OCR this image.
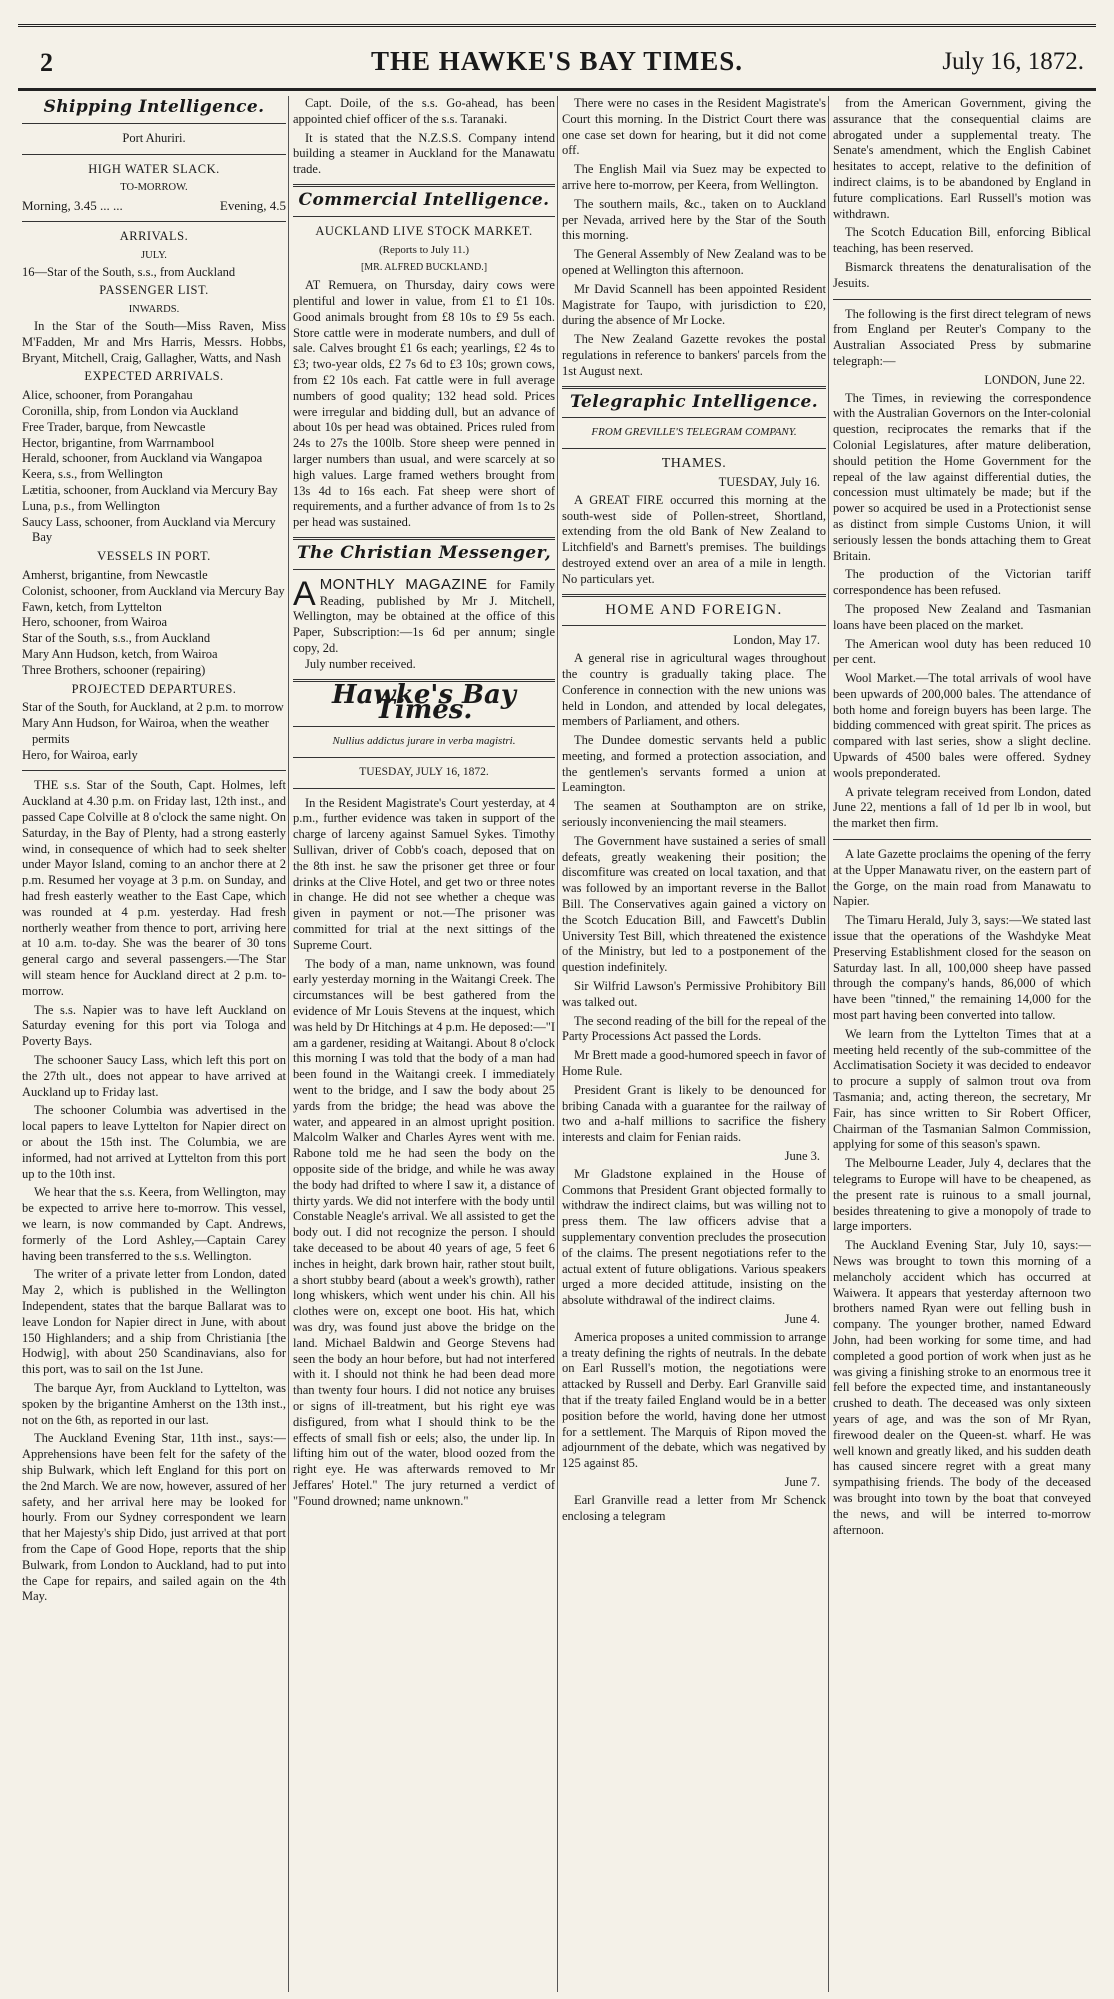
2	THE HAWKE'S BAY TIMES.	July 16, 1872.
Shipping Intelligence.
Port Ahuriri.
HIGH WATER SLACK.
TO-MORROW.
Morning, 3.45 ... ...	Evening, 4.5
ARRIVALS.
JULY.

16—Star of the South, s.s., from Auckland

PASSENGER LIST.
INWARDS.

In the Star of the South—Miss Raven, Miss M'Fadden, Mr and Mrs Harris, Messrs. Hobbs, Bryant, Mitchell, Craig, Gallagher, Watts, and Nash

EXPECTED ARRIVALS.

Alice, schooner, from Porangahau

Coronilla, ship, from London via Auckland

Free Trader, barque, from Newcastle

Hector, brigantine, from Warrnambool

Herald, schooner, from Auckland via Wangapoa

Keera, s.s., from Wellington

Lætitia, schooner, from Auckland via Mercury Bay

Luna, p.s., from Wellington

Saucy Lass, schooner, from Auckland via Mercury Bay

VESSELS IN PORT.

Amherst, brigantine, from Newcastle

Colonist, schooner, from Auckland via Mercury Bay

Fawn, ketch, from Lyttelton

Hero, schooner, from Wairoa

Star of the South, s.s., from Auckland

Mary Ann Hudson, ketch, from Wairoa

Three Brothers, schooner (repairing)

PROJECTED DEPARTURES.

Star of the South, for Auckland, at 2 p.m. to morrow

Mary Ann Hudson, for Wairoa, when the weather permits

Hero, for Wairoa, early

THE s.s. Star of the South, Capt. Holmes, left Auckland at 4.30 p.m. on Friday last, 12th inst., and passed Cape Colville at 8 o'clock the same night. On Saturday, in the Bay of Plenty, had a strong easterly wind, in consequence of which had to seek shelter under Mayor Island, coming to an anchor there at 2 p.m. Resumed her voyage at 3 p.m. on Sunday, and had fresh easterly weather to the East Cape, which was rounded at 4 p.m. yesterday. Had fresh northerly weather from thence to port, arriving here at 10 a.m. to-day. She was the bearer of 30 tons general cargo and several passengers.—The Star will steam hence for Auckland direct at 2 p.m. to-morrow.

The s.s. Napier was to have left Auckland on Saturday evening for this port via Tologa and Poverty Bays.

The schooner Saucy Lass, which left this port on the 27th ult., does not appear to have arrived at Auckland up to Friday last.

The schooner Columbia was advertised in the local papers to leave Lyttelton for Napier direct on or about the 15th inst. The Columbia, we are informed, had not arrived at Lyttelton from this port up to the 10th inst.

We hear that the s.s. Keera, from Wellington, may be expected to arrive here to-morrow. This vessel, we learn, is now commanded by Capt. Andrews, formerly of the Lord Ashley,—Captain Carey having been transferred to the s.s. Wellington.

The writer of a private letter from London, dated May 2, which is published in the Wellington Independent, states that the barque Ballarat was to leave London for Napier direct in June, with about 150 Highlanders; and a ship from Christiania [the Hodwig], with about 250 Scandinavians, also for this port, was to sail on the 1st June.

The barque Ayr, from Auckland to Lyttelton, was spoken by the brigantine Amherst on the 13th inst., not on the 6th, as reported in our last.

The Auckland Evening Star, 11th inst., says:—Apprehensions have been felt for the safety of the ship Bulwark, which left England for this port on the 2nd March. We are now, however, assured of her safety, and her arrival here may be looked for hourly. From our Sydney correspondent we learn that her Majesty's ship Dido, just arrived at that port from the Cape of Good Hope, reports that the ship Bulwark, from London to Auckland, had to put into the Cape for repairs, and sailed again on the 4th May.

Capt. Doile, of the s.s. Go-ahead, has been appointed chief officer of the s.s. Taranaki.

It is stated that the N.Z.S.S. Company intend building a steamer in Auckland for the Manawatu trade.

Commercial Intelligence.
AUCKLAND LIVE STOCK MARKET.
(Reports to July 11.)
[MR. ALFRED BUCKLAND.]

AT Remuera, on Thursday, dairy cows were plentiful and lower in value, from £1 to £1 10s. Good animals brought from £8 10s to £9 5s each. Store cattle were in moderate numbers, and dull of sale. Calves brought £1 6s each; yearlings, £2 4s to £3; two-year olds, £2 7s 6d to £3 10s; grown cows, from £2 10s each. Fat cattle were in full average numbers of good quality; 132 head sold. Prices were irregular and bidding dull, but an advance of about 10s per head was obtained. Prices ruled from 24s to 27s the 100lb. Store sheep were penned in larger numbers than usual, and were scarcely at so high values. Large framed wethers brought from 13s 4d to 16s each. Fat sheep were short of requirements, and a further advance of from 1s to 2s per head was sustained.

The Christian Messenger,
A MONTHLY MAGAZINE for Family Reading, published by Mr J. Mitchell, Wellington, may be obtained at the office of this Paper, Subscription:—1s 6d per annum; single copy, 2d.
July number received.
Hawke's Bay Times.
Nullius addictus jurare in verba magistri.
TUESDAY, JULY 16, 1872.

In the Resident Magistrate's Court yesterday, at 4 p.m., further evidence was taken in support of the charge of larceny against Samuel Sykes. Timothy Sullivan, driver of Cobb's coach, deposed that on the 8th inst. he saw the prisoner get three or four drinks at the Clive Hotel, and get two or three notes in change. He did not see whether a cheque was given in payment or not.—The prisoner was committed for trial at the next sittings of the Supreme Court.

The body of a man, name unknown, was found early yesterday morning in the Waitangi Creek. The circumstances will be best gathered from the evidence of Mr Louis Stevens at the inquest, which was held by Dr Hitchings at 4 p.m. He deposed:—"I am a gardener, residing at Waitangi. About 8 o'clock this morning I was told that the body of a man had been found in the Waitangi creek. I immediately went to the bridge, and I saw the body about 25 yards from the bridge; the head was above the water, and appeared in an almost upright position. Malcolm Walker and Charles Ayres went with me. Rabone told me he had seen the body on the opposite side of the bridge, and while he was away the body had drifted to where I saw it, a distance of thirty yards. We did not interfere with the body until Constable Neagle's arrival. We all assisted to get the body out. I did not recognize the person. I should take deceased to be about 40 years of age, 5 feet 6 inches in height, dark brown hair, rather stout built, a short stubby beard (about a week's growth), rather long whiskers, which went under his chin. All his clothes were on, except one boot. His hat, which was dry, was found just above the bridge on the land. Michael Baldwin and George Stevens had seen the body an hour before, but had not interfered with it. I should not think he had been dead more than twenty four hours. I did not notice any bruises or signs of ill-treatment, but his right eye was disfigured, from what I should think to be the effects of small fish or eels; also, the under lip. In lifting him out of the water, blood oozed from the right eye. He was afterwards removed to Mr Jeffares' Hotel." The jury returned a verdict of "Found drowned; name unknown."

There were no cases in the Resident Magistrate's Court this morning. In the District Court there was one case set down for hearing, but it did not come off.

The English Mail via Suez may be expected to arrive here to-morrow, per Keera, from Wellington.

The southern mails, &c., taken on to Auckland per Nevada, arrived here by the Star of the South this morning.

The General Assembly of New Zealand was to be opened at Wellington this afternoon.

Mr David Scannell has been appointed Resident Magistrate for Taupo, with jurisdiction to £20, during the absence of Mr Locke.

The New Zealand Gazette revokes the postal regulations in reference to bankers' parcels from the 1st August next.

Telegraphic Intelligence.
FROM GREVILLE'S TELEGRAM COMPANY.
THAMES.
TUESDAY, July 16.

A GREAT FIRE occurred this morning at the south-west side of Pollen-street, Shortland, extending from the old Bank of New Zealand to Litchfield's and Barnett's premises. The buildings destroyed extend over an area of a mile in length. No particulars yet.

HOME AND FOREIGN.
London, May 17.

A general rise in agricultural wages throughout the country is gradually taking place. The Conference in connection with the new unions was held in London, and attended by local delegates, members of Parliament, and others.

The Dundee domestic servants held a public meeting, and formed a protection association, and the gentlemen's servants formed a union at Leamington.

The seamen at Southampton are on strike, seriously inconveniencing the mail steamers.

The Government have sustained a series of small defeats, greatly weakening their position; the discomfiture was created on local taxation, and that was followed by an important reverse in the Ballot Bill. The Conservatives again gained a victory on the Scotch Education Bill, and Fawcett's Dublin University Test Bill, which threatened the existence of the Ministry, but led to a postponement of the question indefinitely.

Sir Wilfrid Lawson's Permissive Prohibitory Bill was talked out.

The second reading of the bill for the repeal of the Party Processions Act passed the Lords.

Mr Brett made a good-humored speech in favor of Home Rule.

President Grant is likely to be denounced for bribing Canada with a guarantee for the railway of two and a-half millions to sacrifice the fishery interests and claim for Fenian raids.

June 3.

Mr Gladstone explained in the House of Commons that President Grant objected formally to withdraw the indirect claims, but was willing not to press them. The law officers advise that a supplementary convention precludes the prosecution of the claims. The present negotiations refer to the actual extent of future obligations. Various speakers urged a more decided attitude, insisting on the absolute withdrawal of the indirect claims.

June 4.

America proposes a united commission to arrange a treaty defining the rights of neutrals. In the debate on Earl Russell's motion, the negotiations were attacked by Russell and Derby. Earl Granville said that if the treaty failed England would be in a better position before the world, having done her utmost for a settlement. The Marquis of Ripon moved the adjournment of the debate, which was negatived by 125 against 85.

June 7.

Earl Granville read a letter from Mr Schenck enclosing a telegram

from the American Government, giving the assurance that the consequential claims are abrogated under a supplemental treaty. The Senate's amendment, which the English Cabinet hesitates to accept, relative to the definition of indirect claims, is to be abandoned by England in future complications. Earl Russell's motion was withdrawn.

The Scotch Education Bill, enforcing Biblical teaching, has been reserved.

Bismarck threatens the denaturalisation of the Jesuits.

The following is the first direct telegram of news from England per Reuter's Company to the Australian Associated Press by submarine telegraph:—

LONDON, June 22.

The Times, in reviewing the correspondence with the Australian Governors on the Inter-colonial question, reciprocates the remarks that if the Colonial Legislatures, after mature deliberation, should petition the Home Government for the repeal of the law against differential duties, the concession must ultimately be made; but if the power so acquired be used in a Protectionist sense as distinct from simple Customs Union, it will seriously lessen the bonds attaching them to Great Britain.

The production of the Victorian tariff correspondence has been refused.

The proposed New Zealand and Tasmanian loans have been placed on the market.

The American wool duty has been reduced 10 per cent.

Wool Market.—The total arrivals of wool have been upwards of 200,000 bales. The attendance of both home and foreign buyers has been large. The bidding commenced with great spirit. The prices as compared with last series, show a slight decline. Upwards of 4500 bales were offered. Sydney wools preponderated.

A private telegram received from London, dated June 22, mentions a fall of 1d per lb in wool, but the market then firm.

A late Gazette proclaims the opening of the ferry at the Upper Manawatu river, on the eastern part of the Gorge, on the main road from Manawatu to Napier.

The Timaru Herald, July 3, says:—We stated last issue that the operations of the Washdyke Meat Preserving Establishment closed for the season on Saturday last. In all, 100,000 sheep have passed through the company's hands, 86,000 of which have been "tinned," the remaining 14,000 for the most part having been converted into tallow.

We learn from the Lyttelton Times that at a meeting held recently of the sub-committee of the Acclimatisation Society it was decided to endeavor to procure a supply of salmon trout ova from Tasmania; and, acting thereon, the secretary, Mr Fair, has since written to Sir Robert Officer, Chairman of the Tasmanian Salmon Commission, applying for some of this season's spawn.

The Melbourne Leader, July 4, declares that the telegrams to Europe will have to be cheapened, as the present rate is ruinous to a small journal, besides threatening to give a monopoly of trade to large importers.

The Auckland Evening Star, July 10, says:—News was brought to town this morning of a melancholy accident which has occurred at Waiwera. It appears that yesterday afternoon two brothers named Ryan were out felling bush in company. The younger brother, named Edward John, had been working for some time, and had completed a good portion of work when just as he was giving a finishing stroke to an enormous tree it fell before the expected time, and instantaneously crushed to death. The deceased was only sixteen years of age, and was the son of Mr Ryan, firewood dealer on the Queen-st. wharf. He was well known and greatly liked, and his sudden death has caused sincere regret with a great many sympathising friends. The body of the deceased was brought into town by the boat that conveyed the news, and will be interred to-morrow afternoon.
